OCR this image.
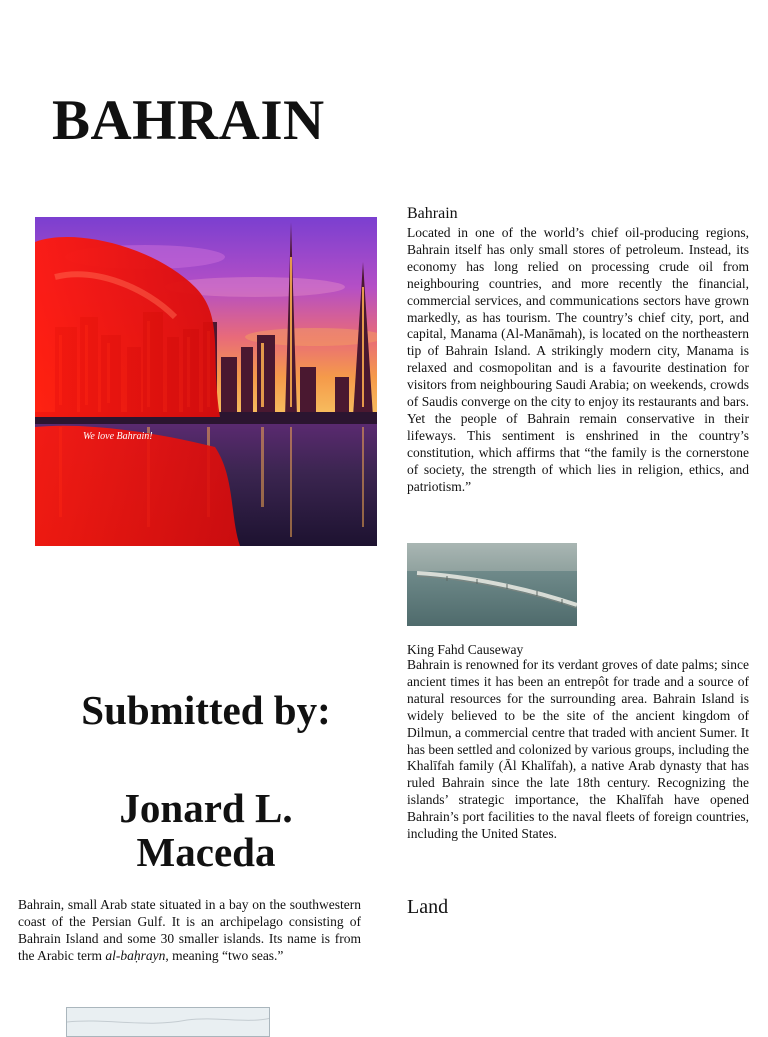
BAHRAIN
We love Bahrain!
Bahrain

Located in one of the world’s chief oil-producing regions, Bahrain itself has only small stores of petroleum. Instead, its economy has long relied on processing crude oil from neighbouring countries, and more recently the financial, commercial services, and communications sectors have grown markedly, as has tourism. The country’s chief city, port, and capital, Manama (Al-Manāmah), is located on the northeastern tip of Bahrain Island. A strikingly modern city, Manama is relaxed and cosmopolitan and is a favourite destination for visitors from neighbouring Saudi Arabia; on weekends, crowds of Saudis converge on the city to enjoy its restaurants and bars. Yet the people of Bahrain remain conservative in their lifeways. This sentiment is enshrined in the country’s constitution, which affirms that “the family is the cornerstone of society, the strength of which lies in religion, ethics, and patriotism.”

King Fahd Causeway

Bahrain is renowned for its verdant groves of date palms; since ancient times it has been an entrepôt for trade and a source of natural resources for the surrounding area. Bahrain Island is widely believed to be the site of the ancient kingdom of Dilmun, a commercial centre that traded with ancient Sumer. It has been settled and colonized by various groups, including the Khalīfah family (Āl Khalīfah), a native Arab dynasty that has ruled Bahrain since the late 18th century. Recognizing the islands’ strategic importance, the Khalīfah have opened Bahrain’s port facilities to the naval fleets of foreign countries, including the United States.

Land
Submitted by:
Jonard L.
Maceda

Bahrain, small Arab state situated in a bay on the southwestern coast of the Persian Gulf. It is an archipelago consisting of Bahrain Island and some 30 smaller islands. Its name is from the Arabic term al-baḥrayn, meaning “two seas.”
